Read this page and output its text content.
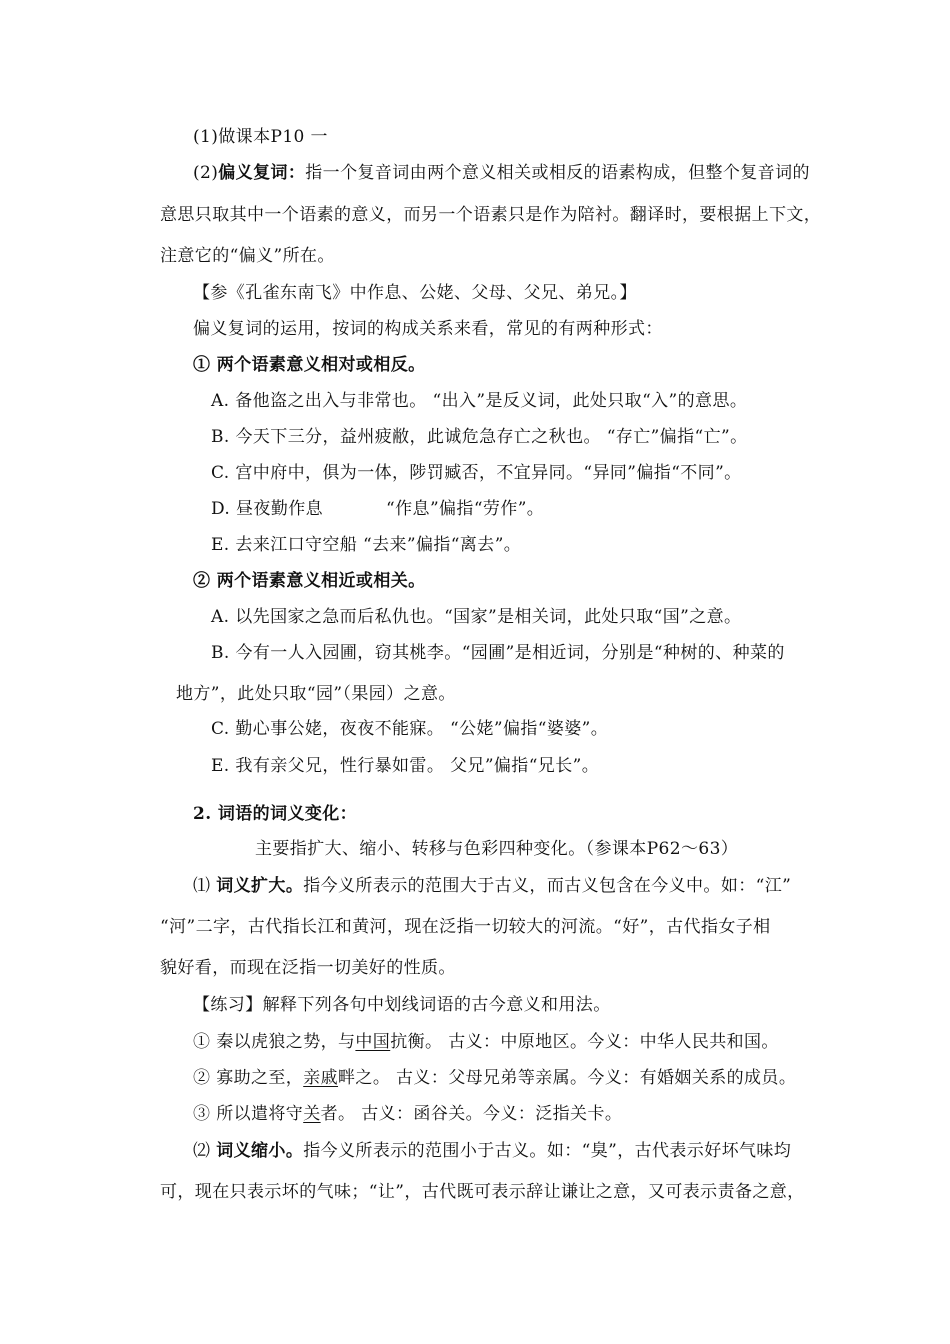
(1)做课本P10 一
(2)偏义复词：指一个复音词由两个意义相关或相反的语素构成，但整个复音词的
意思只取其中一个语素的意义，而另一个语素只是作为陪衬。翻译时，要根据上下文，
注意它的“偏义”所在。
【参《孔雀东南飞》中作息、公姥、父母、父兄、弟兄。】
偏义复词的运用，按词的构成关系来看，常见的有两种形式：
① 两个语素意义相对或相反。
A. 备他盗之出入与非常也。 “出入”是反义词，此处只取“入”的意思。
B. 今天下三分，益州疲敝，此诚危急存亡之秋也。 “存亡”偏指“亡”。
C. 宫中府中，俱为一体，陟罚臧否，不宜异同。“异同”偏指“不同”。
D. 昼夜勤作息	“作息”偏指“劳作”。
E. 去来江口守空船 “去来”偏指“离去”。
② 两个语素意义相近或相关。
A. 以先国家之急而后私仇也。“国家”是相关词，此处只取“国”之意。
B. 今有一人入园圃，窃其桃李。“园圃”是相近词，分别是“种树的、种菜的
地方”，此处只取“园”（果园）之意。
C. 勤心事公姥，夜夜不能寐。 “公姥”偏指“婆婆”。
E. 我有亲父兄，性行暴如雷。 父兄”偏指“兄长”。
2. 词语的词义变化：
主要指扩大、缩小、转移与色彩四种变化。（参课本P62～63）
⑴ 词义扩大。指今义所表示的范围大于古义，而古义包含在今义中。如：“江”
“河”二字，古代指长江和黄河，现在泛指一切较大的河流。“好”，古代指女子相
貌好看，而现在泛指一切美好的性质。
【练习】解释下列各句中划线词语的古今意义和用法。
① 秦以虎狼之势，与中国抗衡。 古义：中原地区。今义：中华人民共和国。
② 寡助之至，亲戚畔之。 古义：父母兄弟等亲属。今义：有婚姻关系的成员。
③ 所以遣将守关者。 古义：函谷关。今义：泛指关卡。
⑵ 词义缩小。指今义所表示的范围小于古义。如：“臭”，古代表示好坏气味均
可，现在只表示坏的气味；“让”，古代既可表示辞让谦让之意，又可表示责备之意，
